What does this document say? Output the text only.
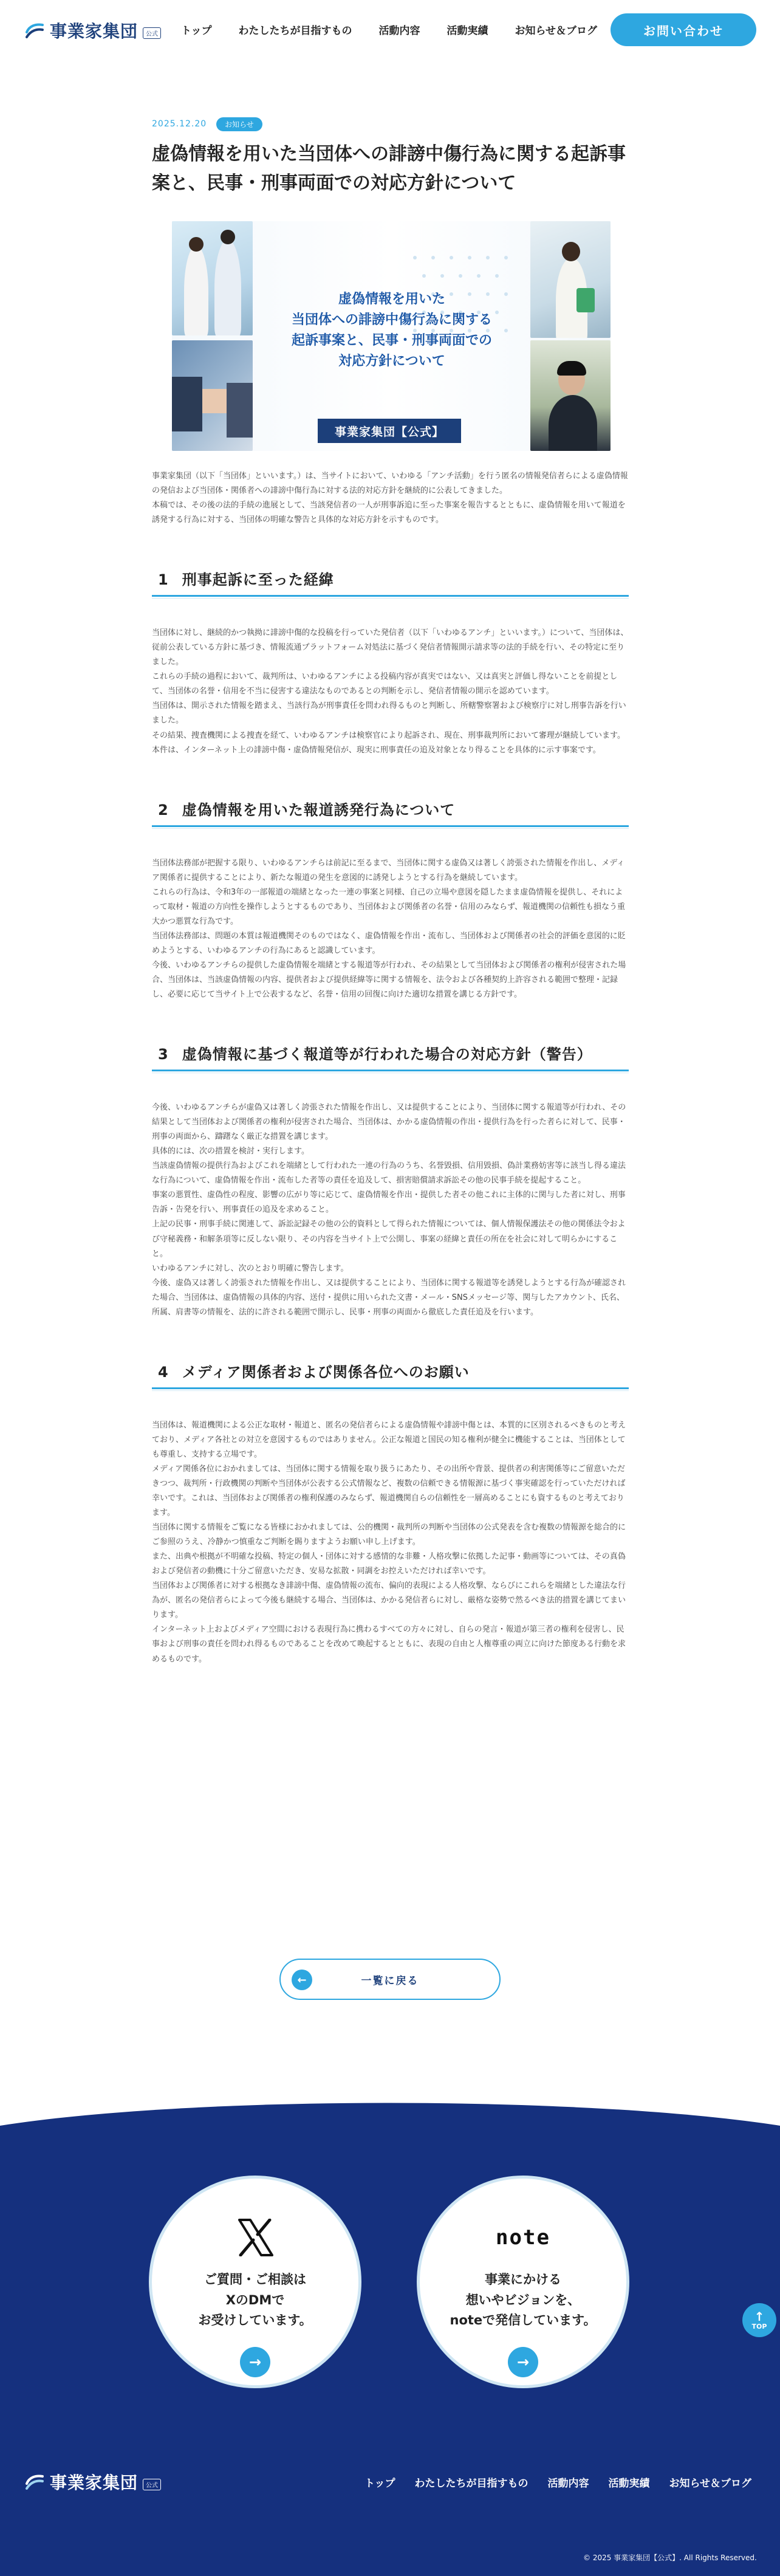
事業家集団	公式 トップ	わたしたちが目指すもの	活動内容	活動実績	お知らせ＆ブログ	お問い合わせ
2025.12.20	お知らせ
虚偽情報を用いた当団体への誹謗中傷行為に関する起訴事案と、民事・刑事両面での対応方針について
虚偽情報を用いた
当団体への誹謗中傷行為に関する
起訴事案と、民事・刑事両面での
対応方針について
事業家集団【公式】

事業家集団（以下「当団体」といいます。）は、当サイトにおいて、いわゆる「アンチ活動」を行う匿名の情報発信者らによる虚偽情報の発信および当団体・関係者への誹謗中傷行為に対する法的対応方針を継続的に公表してきました。
本稿では、その後の法的手続の進展として、当該発信者の一人が刑事訴追に至った事案を報告するとともに、虚偽情報を用いて報道を誘発する行為に対する、当団体の明確な警告と具体的な対応方針を示すものです。

1 刑事起訴に至った経緯

当団体に対し、継続的かつ執拗に誹謗中傷的な投稿を行っていた発信者（以下「いわゆるアンチ」といいます。）について、当団体は、従前公表している方針に基づき、情報流通プラットフォーム対処法に基づく発信者情報開示請求等の法的手続を行い、その特定に至りました。
これらの手続の過程において、裁判所は、いわゆるアンチによる投稿内容が真実ではない、又は真実と評価し得ないことを前提として、当団体の名誉・信用を不当に侵害する違法なものであるとの判断を示し、発信者情報の開示を認めています。
当団体は、開示された情報を踏まえ、当該行為が刑事責任を問われ得るものと判断し、所轄警察署および検察庁に対し刑事告訴を行いました。
その結果、捜査機関による捜査を経て、いわゆるアンチは検察官により起訴され、現在、刑事裁判所において審理が継続しています。
本件は、インターネット上の誹謗中傷・虚偽情報発信が、現実に刑事責任の追及対象となり得ることを具体的に示す事案です。

2 虚偽情報を用いた報道誘発行為について

当団体法務部が把握する限り、いわゆるアンチらは前記に至るまで、当団体に関する虚偽又は著しく誇張された情報を作出し、メディア関係者に提供することにより、新たな報道の発生を意図的に誘発しようとする行為を継続しています。
これらの行為は、令和3年の一部報道の端緒となった一連の事案と同様、自己の立場や意図を隠したまま虚偽情報を提供し、それによって取材・報道の方向性を操作しようとするものであり、当団体および関係者の名誉・信用のみならず、報道機関の信頼性も損なう重大かつ悪質な行為です。
当団体法務部は、問題の本質は報道機関そのものではなく、虚偽情報を作出・流布し、当団体および関係者の社会的評価を意図的に貶めようとする、いわゆるアンチの行為にあると認識しています。
今後、いわゆるアンチらの提供した虚偽情報を端緒とする報道等が行われ、その結果として当団体および関係者の権利が侵害された場合、当団体は、当該虚偽情報の内容、提供者および提供経緯等に関する情報を、法令および各種契約上許容される範囲で整理・記録し、必要に応じて当サイト上で公表するなど、名誉・信用の回復に向けた適切な措置を講じる方針です。

3 虚偽情報に基づく報道等が行われた場合の対応方針（警告）

今後、いわゆるアンチらが虚偽又は著しく誇張された情報を作出し、又は提供することにより、当団体に関する報道等が行われ、その結果として当団体および関係者の権利が侵害された場合、当団体は、かかる虚偽情報の作出・提供行為を行った者らに対して、民事・刑事の両面から、躊躇なく厳正な措置を講じます。
具体的には、次の措置を検討・実行します。
当該虚偽情報の提供行為およびこれを端緒として行われた一連の行為のうち、名誉毀損、信用毀損、偽計業務妨害等に該当し得る違法な行為について、虚偽情報を作出・流布した者等の責任を追及して、損害賠償請求訴訟その他の民事手続を提起すること。
事案の悪質性、虚偽性の程度、影響の広がり等に応じて、虚偽情報を作出・提供した者その他これに主体的に関与した者に対し、刑事告訴・告発を行い、刑事責任の追及を求めること。
上記の民事・刑事手続に関連して、訴訟記録その他の公的資料として得られた情報については、個人情報保護法その他の関係法令および守秘義務・和解条項等に反しない限り、その内容を当サイト上で公開し、事案の経緯と責任の所在を社会に対して明らかにすること。
いわゆるアンチに対し、次のとおり明確に警告します。
今後、虚偽又は著しく誇張された情報を作出し、又は提供することにより、当団体に関する報道等を誘発しようとする行為が確認された場合、当団体は、虚偽情報の具体的内容、送付・提供に用いられた文書・メール・SNSメッセージ等、関与したアカウント、氏名、所属、肩書等の情報を、法的に許される範囲で開示し、民事・刑事の両面から徹底した責任追及を行います。

4 メディア関係者および関係各位へのお願い

当団体は、報道機関による公正な取材・報道と、匿名の発信者らによる虚偽情報や誹謗中傷とは、本質的に区別されるべきものと考えており、メディア各社との対立を意図するものではありません。公正な報道と国民の知る権利が健全に機能することは、当団体としても尊重し、支持する立場です。
メディア関係各位におかれましては、当団体に関する情報を取り扱うにあたり、その出所や背景、提供者の利害関係等にご留意いただきつつ、裁判所・行政機関の判断や当団体が公表する公式情報など、複数の信頼できる情報源に基づく事実確認を行っていただければ幸いです。これは、当団体および関係者の権利保護のみならず、報道機関自らの信頼性を一層高めることにも資するものと考えております。
当団体に関する情報をご覧になる皆様におかれましては、公的機関・裁判所の判断や当団体の公式発表を含む複数の情報源を総合的にご参照のうえ、冷静かつ慎重なご判断を賜りますようお願い申し上げます。
また、出典や根拠が不明確な投稿、特定の個人・団体に対する感情的な非難・人格攻撃に依拠した記事・動画等については、その真偽および発信者の動機に十分ご留意いただき、安易な拡散・同調をお控えいただければ幸いです。
当団体および関係者に対する根拠なき誹謗中傷、虚偽情報の流布、偏向的表現による人格攻撃、ならびにこれらを端緒とした違法な行為が、匿名の発信者らによって今後も継続する場合、当団体は、かかる発信者らに対し、厳格な姿勢で然るべき法的措置を講じてまいります。
インターネット上およびメディア空間における表現行為に携わるすべての方々に対し、自らの発言・報道が第三者の権利を侵害し、民事および刑事の責任を問われ得るものであることを改めて喚起するとともに、表現の自由と人権尊重の両立に向けた節度ある行動を求めるものです。

←	一覧に戻る
ご質問・ご相談は
XのDMで
お受けしています。
→
note
事業にかける
想いやビジョンを、
noteで発信しています。
→
↑
TOP
事業家集団	公式	トップ わたしたちが目指すもの 活動内容 活動実績 お知らせ＆ブログ
© 2025 事業家集団【公式】. All Rights Reserved.
